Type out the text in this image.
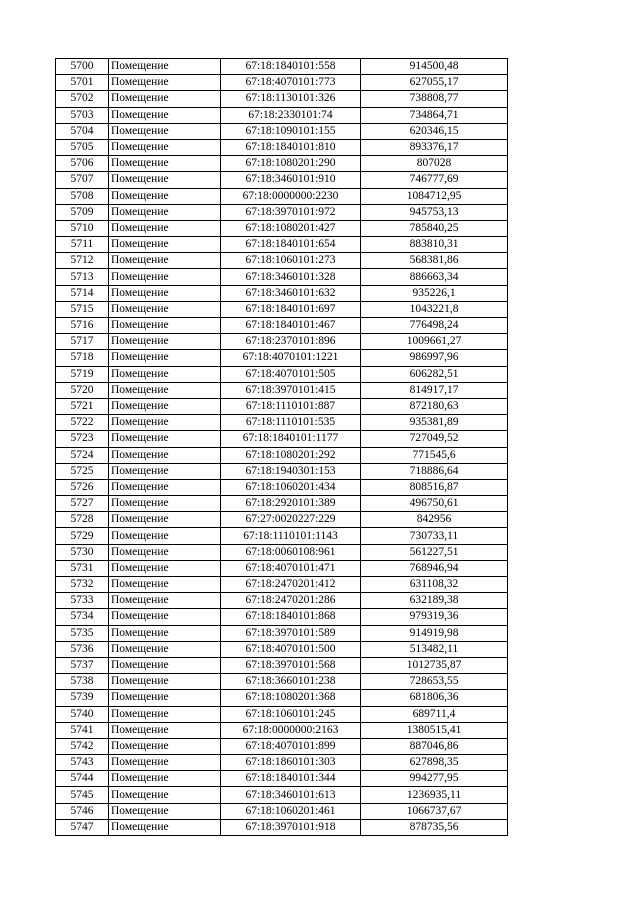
5700	Помещение	67:18:1840101:558	914500,48
5701	Помещение	67:18:4070101:773	627055,17
5702	Помещение	67:18:1130101:326	738808,77
5703	Помещение	67:18:2330101:74	734864,71
5704	Помещение	67:18:1090101:155	620346,15
5705	Помещение	67:18:1840101:810	893376,17
5706	Помещение	67:18:1080201:290	807028
5707	Помещение	67:18:3460101:910	746777,69
5708	Помещение	67:18:0000000:2230	1084712,95
5709	Помещение	67:18:3970101:972	945753,13
5710	Помещение	67:18:1080201:427	785840,25
5711	Помещение	67:18:1840101:654	883810,31
5712	Помещение	67:18:1060101:273	568381,86
5713	Помещение	67:18:3460101:328	886663,34
5714	Помещение	67:18:3460101:632	935226,1
5715	Помещение	67:18:1840101:697	1043221,8
5716	Помещение	67:18:1840101:467	776498,24
5717	Помещение	67:18:2370101:896	1009661,27
5718	Помещение	67:18:4070101:1221	986997,96
5719	Помещение	67:18:4070101:505	606282,51
5720	Помещение	67:18:3970101:415	814917,17
5721	Помещение	67:18:1110101:887	872180,63
5722	Помещение	67:18:1110101:535	935381,89
5723	Помещение	67:18:1840101:1177	727049,52
5724	Помещение	67:18:1080201:292	771545,6
5725	Помещение	67:18:1940301:153	718886,64
5726	Помещение	67:18:1060201:434	808516,87
5727	Помещение	67:18:2920101:389	496750,61
5728	Помещение	67:27:0020227:229	842956
5729	Помещение	67:18:1110101:1143	730733,11
5730	Помещение	67:18:0060108:961	561227,51
5731	Помещение	67:18:4070101:471	768946,94
5732	Помещение	67:18:2470201:412	631108,32
5733	Помещение	67:18:2470201:286	632189,38
5734	Помещение	67:18:1840101:868	979319,36
5735	Помещение	67:18:3970101:589	914919,98
5736	Помещение	67:18:4070101:500	513482,11
5737	Помещение	67:18:3970101:568	1012735,87
5738	Помещение	67:18:3660101:238	728653,55
5739	Помещение	67:18:1080201:368	681806,36
5740	Помещение	67:18:1060101:245	689711,4
5741	Помещение	67:18:0000000:2163	1380515,41
5742	Помещение	67:18:4070101:899	887046,86
5743	Помещение	67:18:1860101:303	627898,35
5744	Помещение	67:18:1840101:344	994277,95
5745	Помещение	67:18:3460101:613	1236935,11
5746	Помещение	67:18:1060201:461	1066737,67
5747	Помещение	67:18:3970101:918	878735,56
